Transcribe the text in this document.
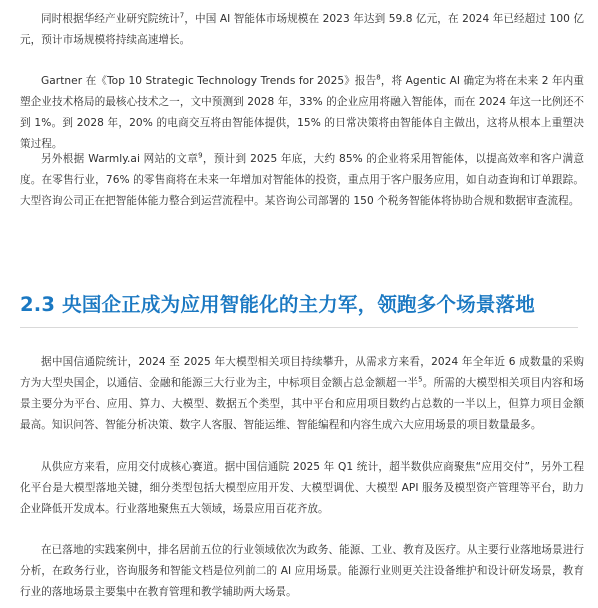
同时根据华经产业研究院统计$^7$，中国 AI 智能体市场规模在 2023 年达到 59.8 亿元，在 2024 年已经超过 100 亿元，预计市场规模将持续高速增长。

Gartner 在《Top 10 Strategic Technology Trends for 2025》报告$^8$，将 Agentic AI 确定为将在未来 2 年内重塑企业技术格局的最核心技术之一，文中预测到 2028 年，33% 的企业应用将融入智能体，而在 2024 年这一比例还不到 1%。到 2028 年，20% 的电商交互将由智能体提供，15% 的日常决策将由智能体自主做出，这将从根本上重塑决策过程。

另外根据 Warmly.ai 网站的文章$^9$，预计到 2025 年底，大约 85% 的企业将采用智能体，以提高效率和客户满意度。在零售行业，76% 的零售商将在未来一年增加对智能体的投资，重点用于客户服务应用，如自动查询和订单跟踪。大型咨询公司正在把智能体能力整合到运营流程中。某咨询公司部署的 150 个税务智能体将协助合规和数据审查流程。

2.3 央国企正成为应用智能化的主力军，领跑多个场景落地

据中国信通院统计，2024 至 2025 年大模型相关项目持续攀升，从需求方来看，2024 年全年近 6 成数量的采购方为大型央国企，以通信、金融和能源三大行业为主，中标项目金额占总金额超一半$^5$。所需的大模型相关项目内容和场景主要分为平台、应用、算力、大模型、数据五个类型，其中平台和应用项目数约占总数的一半以上，但算力项目金额最高。知识问答、智能分析决策、数字人客服、智能运维、智能编程和内容生成六大应用场景的项目数量最多。

从供应方来看，应用交付成核心赛道。据中国信通院 2025 年 Q1 统计，超半数供应商聚焦“应用交付”，另外工程化平台是大模型落地关键，细分类型包括大模型应用开发、大模型调优、大模型 API 服务及模型资产管理等平台，助力企业降低开发成本。行业落地聚焦五大领域，场景应用百花齐放。

在已落地的实践案例中，排名居前五位的行业领域依次为政务、能源、工业、教育及医疗。从主要行业落地场景进行分析，在政务行业，咨询服务和智能文档是位列前二的 AI 应用场景。能源行业则更关注设备维护和设计研发场景，教育行业的落地场景主要集中在教育管理和教学辅助两大场景。
